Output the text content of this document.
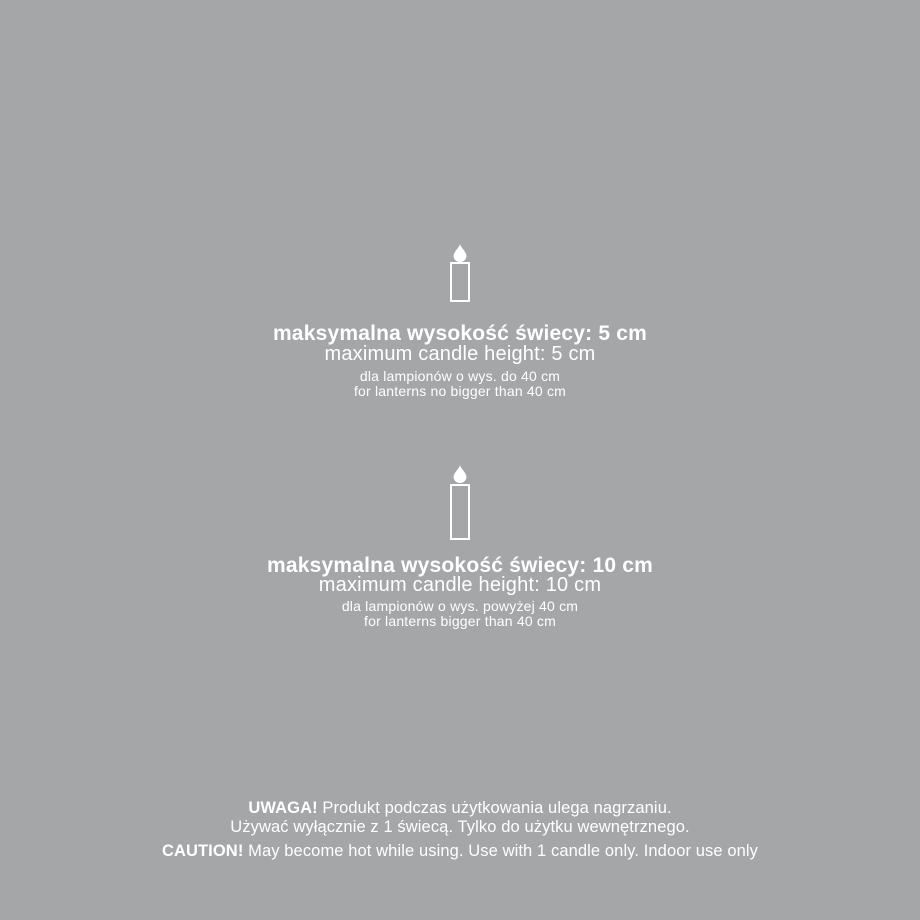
maksymalna wysokość świecy: 5 cm
maximum candle height: 5 cm
dla lampionów o wys. do 40 cm
for lanterns no bigger than 40 cm
maksymalna wysokość świecy: 10 cm
maximum candle height: 10 cm
dla lampionów o wys. powyżej 40 cm
for lanterns bigger than 40 cm
UWAGA! Produkt podczas użytkowania ulega nagrzaniu.
Używać wyłącznie z 1 świecą. Tylko do użytku wewnętrznego.
CAUTION! May become hot while using. Use with 1 candle only. Indoor use only
